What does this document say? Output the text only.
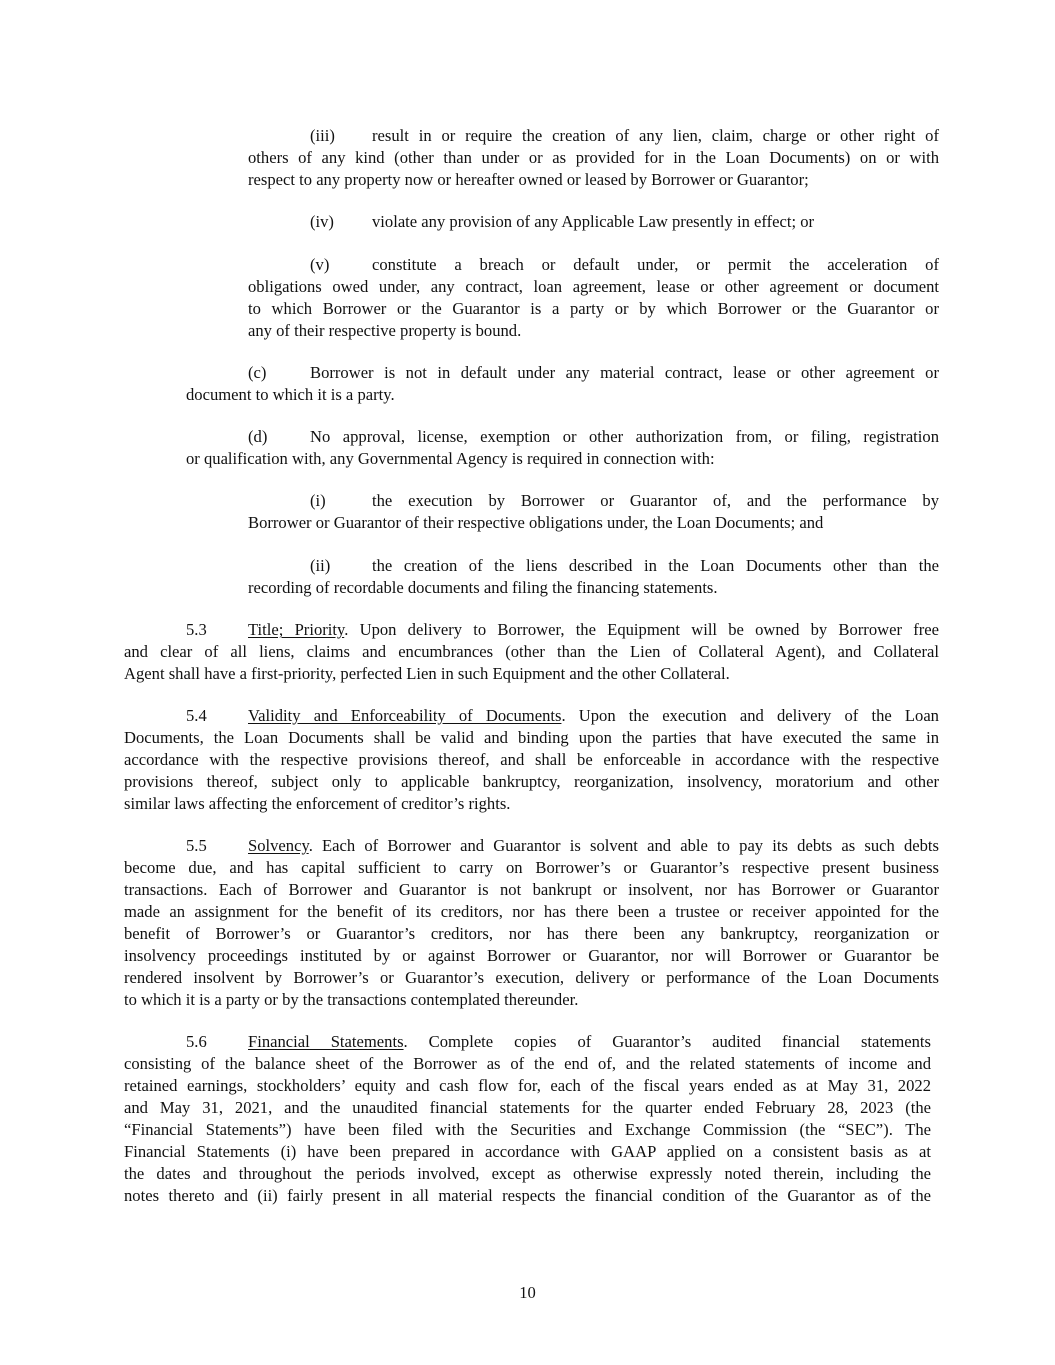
(iii) result in or require the creation of any lien, claim, charge or other right of
others of any kind (other than under or as provided for in the Loan Documents) on or with
respect to any property now or hereafter owned or leased by Borrower or Guarantor;
(iv) violate any provision of any Applicable Law presently in effect; or
(v)	constitute a breach or default under, or permit the acceleration of
obligations owed under, any contract, loan agreement, lease or other agreement or document
to which Borrower or the Guarantor is a party or by which Borrower or the Guarantor or
any of their respective property is bound.
(c)	Borrower is not in default under any material contract, lease or other agreement or
document to which it is a party.
(d)	No approval, license, exemption or other authorization from, or filing, registration
or qualification with, any Governmental Agency is required in connection with:
(i)	the execution by Borrower or Guarantor of, and the performance by
Borrower or Guarantor of their respective obligations under, the Loan Documents; and
(ii)	the creation of the liens described in the Loan Documents other than the
recording of recordable documents and filing the financing statements.
5.3 Title; Priority. Upon delivery to Borrower, the Equipment will be owned by Borrower free
and clear of all liens, claims and encumbrances (other than the Lien of Collateral Agent), and Collateral
Agent shall have a first-priority, perfected Lien in such Equipment and the other Collateral.
5.4 Validity and Enforceability of Documents. Upon the execution and delivery of the Loan
Documents, the Loan Documents shall be valid and binding upon the parties that have executed the same in
accordance with the respective provisions thereof, and shall be enforceable in accordance with the respective
provisions thereof, subject only to applicable bankruptcy, reorganization, insolvency, moratorium and other
similar laws affecting the enforcement of creditor’s rights.
5.5 Solvency. Each of Borrower and Guarantor is solvent and able to pay its debts as such debts
become due, and has capital sufficient to carry on Borrower’s or Guarantor’s respective present business
transactions. Each of Borrower and Guarantor is not bankrupt or insolvent, nor has Borrower or Guarantor
made an assignment for the benefit of its creditors, nor has there been a trustee or receiver appointed for the
benefit of Borrower’s or Guarantor’s creditors, nor has there been any bankruptcy, reorganization or
insolvency proceedings instituted by or against Borrower or Guarantor, nor will Borrower or Guarantor be
rendered insolvent by Borrower’s or Guarantor’s execution, delivery or performance of the Loan Documents
to which it is a party or by the transactions contemplated thereunder.
5.6 Financial Statements. Complete copies of Guarantor’s audited financial statements
consisting of the balance sheet of the Borrower as of the end of, and the related statements of income and
retained earnings, stockholders’ equity and cash flow for, each of the fiscal years ended as at May 31, 2022
and May 31, 2021, and the unaudited financial statements for the quarter ended February 28, 2023 (the
“Financial Statements”) have been filed with the Securities and Exchange Commission (the “SEC”). The
Financial Statements (i) have been prepared in accordance with GAAP applied on a consistent basis as at
the dates and throughout the periods involved, except as otherwise expressly noted therein, including the
notes thereto and (ii) fairly present in all material respects the financial condition of the Guarantor as of the
10
